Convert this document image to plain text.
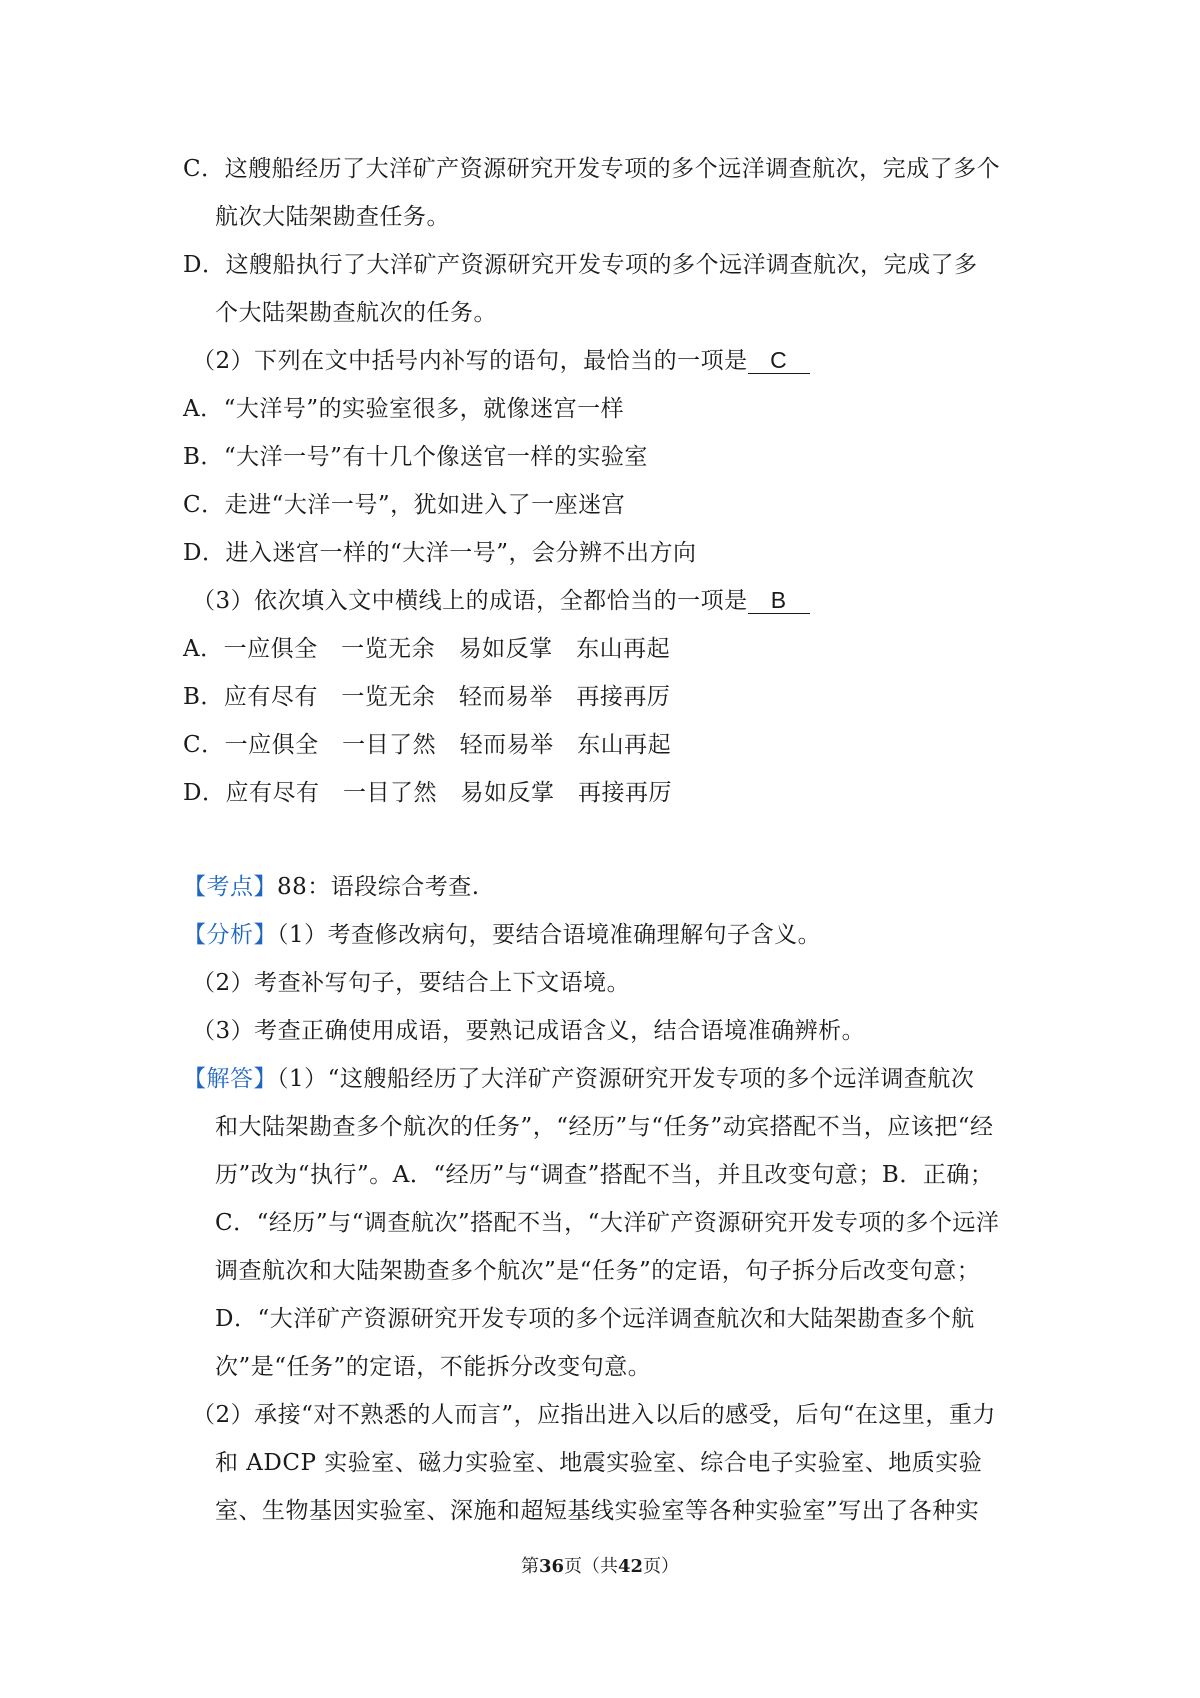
C．这艘船经历了大洋矿产资源研究开发专项的多个远洋调查航次，完成了多个
航次大陆架勘查任务。
D．这艘船执行了大洋矿产资源研究开发专项的多个远洋调查航次，完成了多
个大陆架勘查航次的任务。
（2）下列在文中括号内补写的语句，最恰当的一项是 C
A．“大洋号”的实验室很多，就像迷宫一样
B．“大洋一号”有十几个像送官一样的实验室
C．走进“大洋一号”，犹如进入了一座迷宫
D．进入迷宫一样的“大洋一号”，会分辨不出方向
（3）依次填入文中横线上的成语，全都恰当的一项是 B
A．一应俱全　一览无余　易如反掌　东山再起
B．应有尽有　一览无余　轻而易举　再接再厉
C．一应俱全　一目了然　轻而易举　东山再起
D．应有尽有　一目了然　易如反掌　再接再厉
【考点】88：语段综合考查.
【分析】（1）考查修改病句，要结合语境准确理解句子含义。
（2）考查补写句子，要结合上下文语境。
（3）考查正确使用成语，要熟记成语含义，结合语境准确辨析。
【解答】（1）“这艘船经历了大洋矿产资源研究开发专项的多个远洋调查航次
和大陆架勘查多个航次的任务”，“经历”与“任务”动宾搭配不当，应该把“经
历”改为“执行”。A．“经历”与“调查”搭配不当，并且改变句意；B．正确；
C．“经历”与“调查航次”搭配不当，“大洋矿产资源研究开发专项的多个远洋
调查航次和大陆架勘查多个航次”是“任务”的定语，句子拆分后改变句意；
D．“大洋矿产资源研究开发专项的多个远洋调查航次和大陆架勘查多个航
次”是“任务”的定语，不能拆分改变句意。
（2）承接“对不熟悉的人而言”，应指出进入以后的感受，后句“在这里，重力
和 ADCP 实验室、磁力实验室、地震实验室、综合电子实验室、地质实验
室、生物基因实验室、深施和超短基线实验室等各种实验室”写出了各种实
第36页（共42页）
